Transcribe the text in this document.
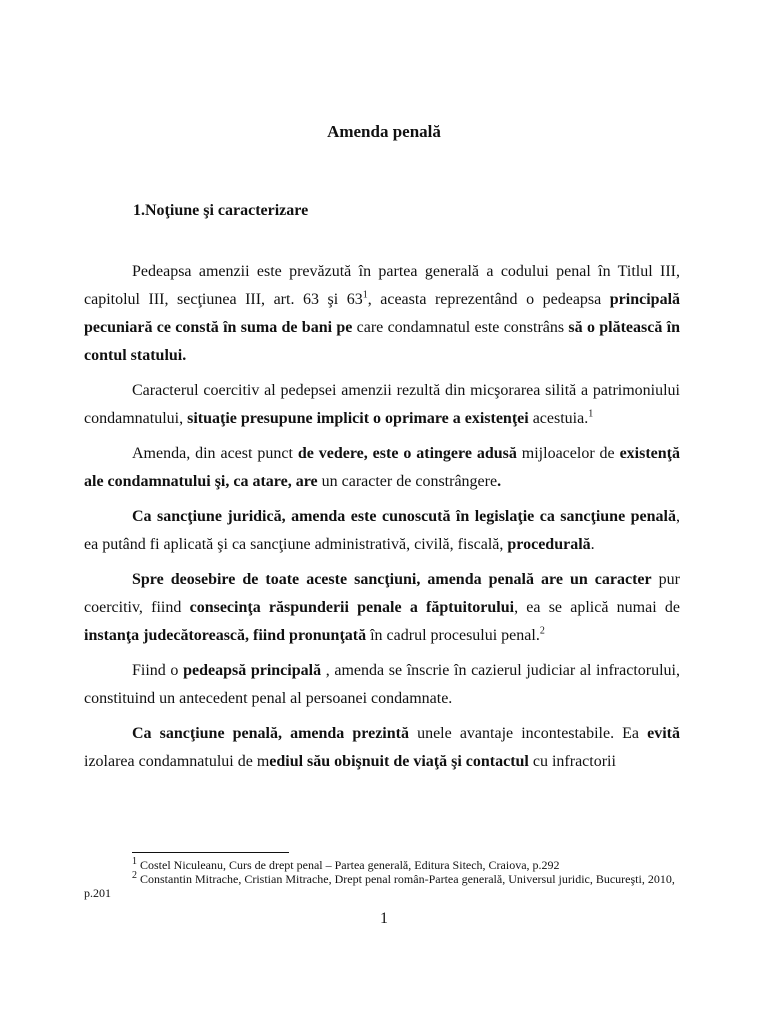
Amenda penală
1.Noţiune şi caracterizare

Pedeapsa amenzii este prevăzută în partea generală a codului penal în Titlul III, capitolul III, secţiunea III, art. 63 şi $63^1$, aceasta reprezentând o pedeapsa principală pecuniară ce constă în suma de bani pe care condamnatul este constrâns să o plătească în contul statului.

Caracterul coercitiv al pedepsei amenzii rezultă din micşorarea silită a patrimoniului condamnatului, situaţie presupune implicit o oprimare a existenţei acestuia.$^1$

Amenda, din acest punct de vedere, este o atingere adusă mijloacelor de existenţă ale condamnatului şi, ca atare, are un caracter de constrângere.

Ca sancţiune juridică, amenda este cunoscută în legislaţie ca sancţiune penală, ea putând fi aplicată şi ca sancţiune administrativă, civilă, fiscală, procedurală.

Spre deosebire de toate aceste sancţiuni, amenda penală are un caracter pur coercitiv, fiind consecinţa răspunderii penale a făptuitorului, ea se aplică numai de instanţa judecătorească, fiind pronunţată în cadrul procesului penal.$^2$

Fiind o pedeapsă principală , amenda se înscrie în cazierul judiciar al infractorului, constituind un antecedent penal al persoanei condamnate.

Ca sancţiune penală, amenda prezintă unele avantaje incontestabile. Ea evită izolarea condamnatului de mediul său obişnuit de viaţă şi contactul cu infractorii

$^1$ Costel Niculeanu, Curs de drept penal – Partea generală, Editura Sitech, Craiova, p.292

$^2$ Constantin Mitrache, Cristian Mitrache, Drept penal român-Partea generală, Universul juridic, Bucureşti, 2010, p.201

1
